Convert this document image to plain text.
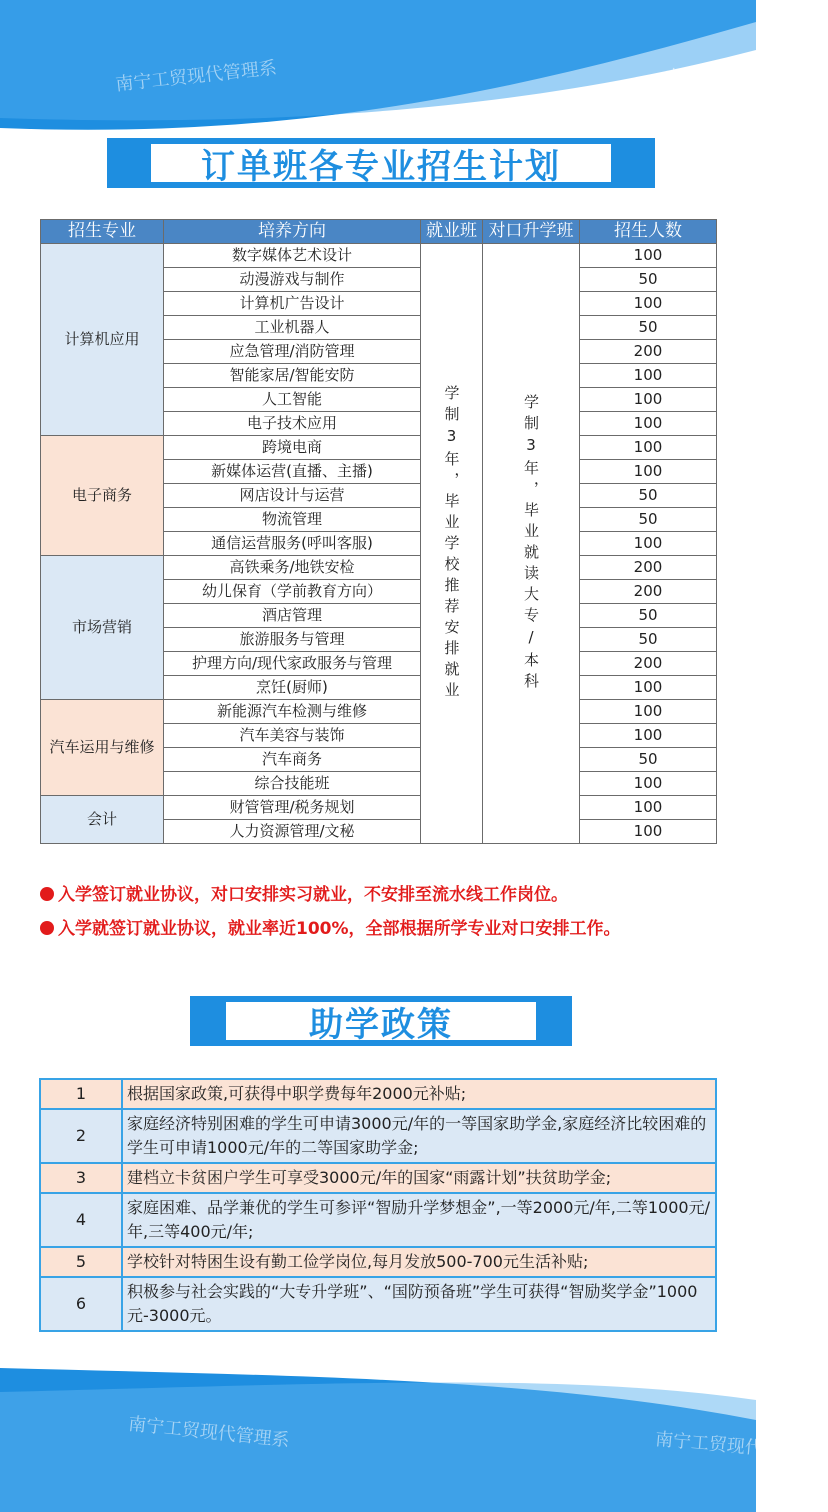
南宁工贸现代管理系	南宁工贸现代管理系
南宁工贸现代管理系	南宁工贸现代管理系
订单班各专业招生计划
招生专业	培养方向	就业班	对口升学班	招生人数
计算机应用	数字媒体艺术设计	学制3年，毕业学校推荐安排就业	学制3年，毕业就读大专/本科	100
	动漫游戏与制作			50
	计算机广告设计			100
	工业机器人			50
	应急管理/消防管理			200
	智能家居/智能安防			100
	人工智能			100
	电子技术应用			100
电子商务	跨境电商			100
	新媒体运营(直播、主播)			100
	网店设计与运营			50
	物流管理			50
	通信运营服务(呼叫客服)			100
市场营销	高铁乘务/地铁安检			200
	幼儿保育（学前教育方向）			200
	酒店管理			50
	旅游服务与管理			50
	护理方向/现代家政服务与管理			200
	烹饪(厨师)			100
汽车运用与维修	新能源汽车检测与维修			100
	汽车美容与装饰			100
	汽车商务			50
	综合技能班			100
会计	财管管理/税务规划			100
	人力资源管理/文秘			100
入学签订就业协议，对口安排实习就业，不安排至流水线工作岗位。
入学就签订就业协议，就业率近100%，全部根据所学专业对口安排工作。
助学政策
1	根据国家政策,可获得中职学费每年2000元补贴;
2	家庭经济特别困难的学生可申请3000元/年的一等国家助学金,家庭经济比较困难的学生可申请1000元/年的二等国家助学金;
3	建档立卡贫困户学生可享受3000元/年的国家“雨露计划”扶贫助学金;
4	家庭困难、品学兼优的学生可参评“智励升学梦想金”,一等2000元/年,二等1000元/年,三等400元/年;
5	学校针对特困生设有勤工俭学岗位,每月发放500-700元生活补贴;
6	积极参与社会实践的“大专升学班”、“国防预备班”学生可获得“智励奖学金”1000元-3000元。
